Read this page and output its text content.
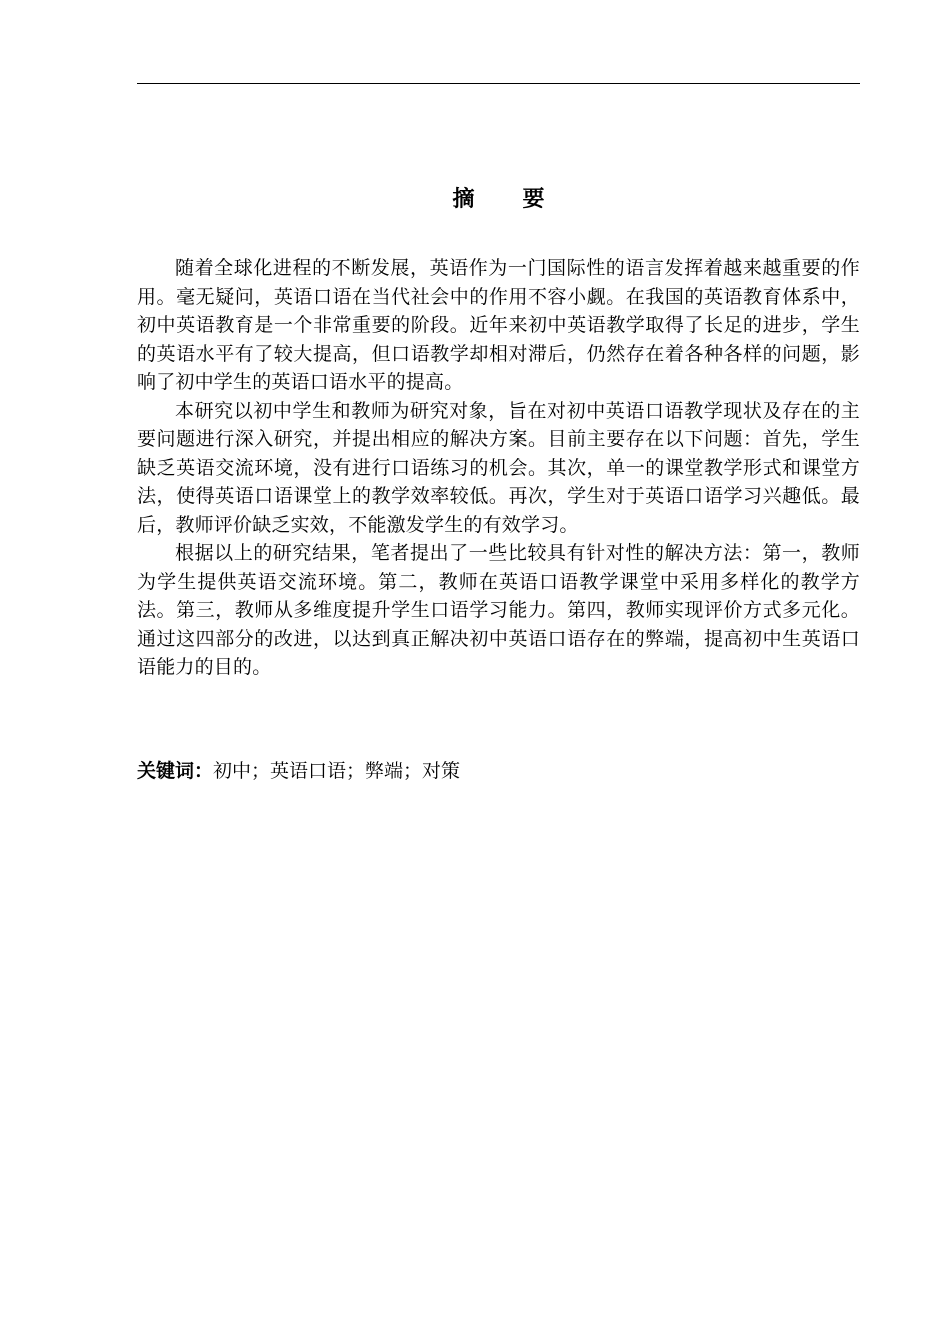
摘 要

随着全球化进程的不断发展，英语作为一门国际性的语言发挥着越来越重要的作用。毫无疑问，英语口语在当代社会中的作用不容小觑。在我国的英语教育体系中，初中英语教育是一个非常重要的阶段。近年来初中英语教学取得了长足的进步，学生的英语水平有了较大提高，但口语教学却相对滞后，仍然存在着各种各样的问题，影响了初中学生的英语口语水平的提高。

本研究以初中学生和教师为研究对象，旨在对初中英语口语教学现状及存在的主要问题进行深入研究，并提出相应的解决方案。目前主要存在以下问题：首先，学生缺乏英语交流环境，没有进行口语练习的机会。其次，单一的课堂教学形式和课堂方法，使得英语口语课堂上的教学效率较低。再次，学生对于英语口语学习兴趣低。最后，教师评价缺乏实效，不能激发学生的有效学习。

根据以上的研究结果，笔者提出了一些比较具有针对性的解决方法：第一，教师为学生提供英语交流环境。第二，教师在英语口语教学课堂中采用多样化的教学方法。第三，教师从多维度提升学生口语学习能力。第四，教师实现评价方式多元化。通过这四部分的改进，以达到真正解决初中英语口语存在的弊端，提高初中生英语口语能力的目的。

关键词：初中；英语口语；弊端；对策
